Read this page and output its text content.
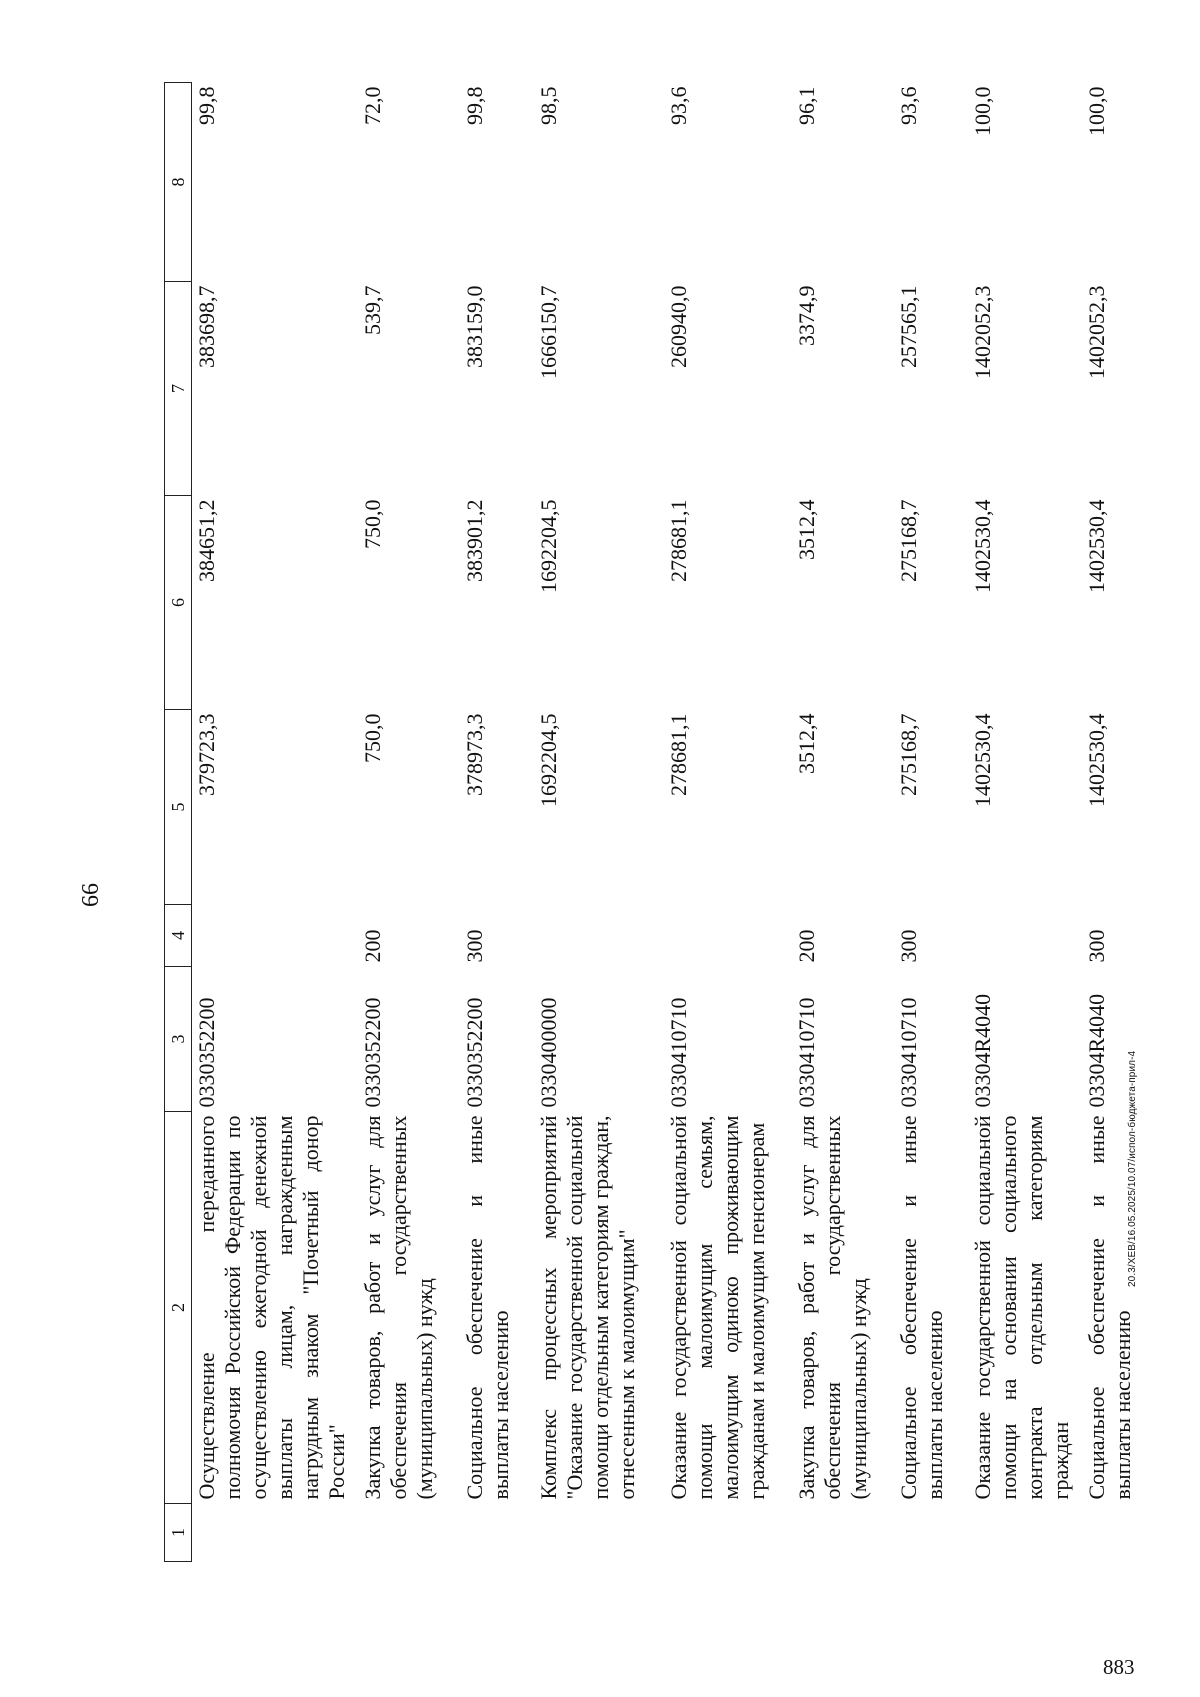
66
1	2	3	4	5	6	7	8
	Осуществление переданного полномочия Российской Федерации по осуществлению ежегодной денежной выплаты лицам, награжденным нагрудным знаком "Почетный донор России"	0330352200		379723,3	384651,2	383698,7	99,8
	Закупка товаров, работ и услуг для обеспечения государственных (муниципальных) нужд	0330352200	200	750,0	750,0	539,7	72,0
	Социальное обеспечение и иные выплаты населению	0330352200	300	378973,3	383901,2	383159,0	99,8
	Комплекс процессных мероприятий "Оказание государственной социальной помощи отдельным категориям граждан, отнесенным к малоимущим"	0330400000		1692204,5	1692204,5	1666150,7	98,5
	Оказание государственной социальной помощи малоимущим семьям, малоимущим одиноко проживающим гражданам и малоимущим пенсионерам	0330410710		278681,1	278681,1	260940,0	93,6
	Закупка товаров, работ и услуг для обеспечения государственных (муниципальных) нужд	0330410710	200	3512,4	3512,4	3374,9	96,1
	Социальное обеспечение и иные выплаты населению	0330410710	300	275168,7	275168,7	257565,1	93,6
	Оказание государственной социальной помощи на основании социального контракта отдельным категориям граждан	03304R4040		1402530,4	1402530,4	1402052,3	100,0
	Социальное обеспечение и иные выплаты населению	03304R4040	300	1402530,4	1402530,4	1402052,3	100,0
20.3/ХЕВ/16.05.2025/10.07/испол-бюджета-прил-4
883
